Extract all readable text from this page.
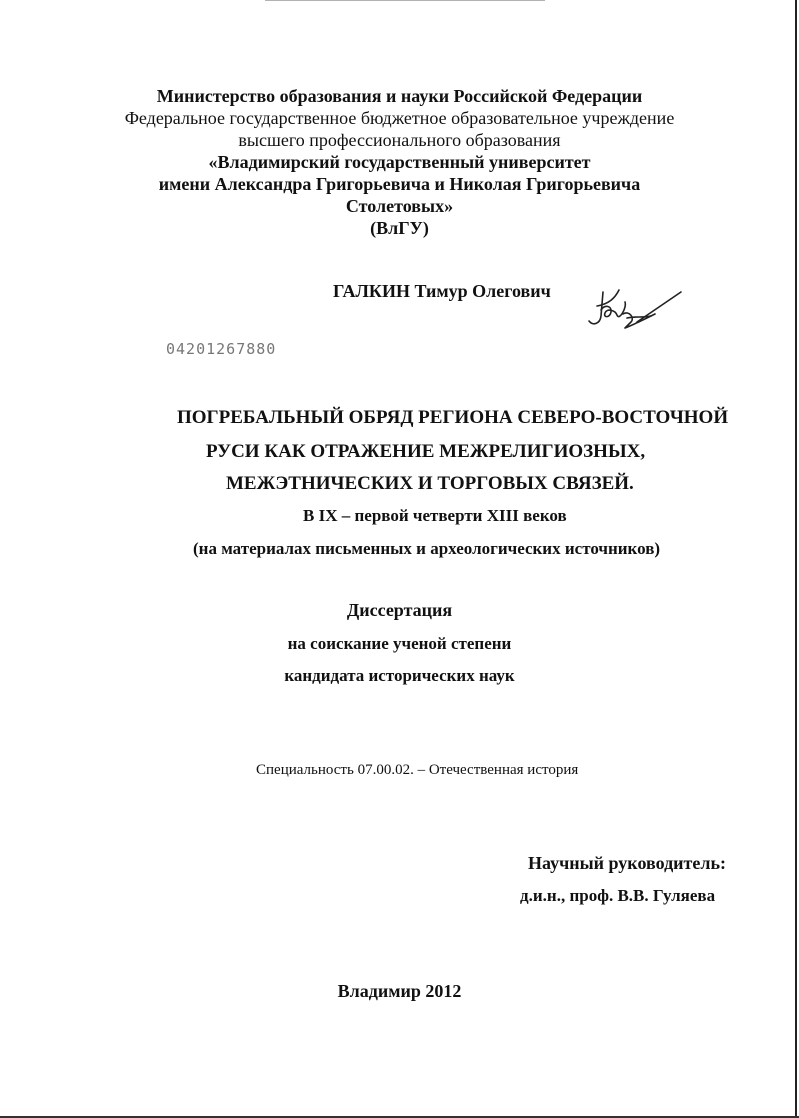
Министерство образования и науки Российской Федерации
Федеральное государственное бюджетное образовательное учреждение
высшего профессионального образования
«Владимирский государственный университет
имени Александра Григорьевича и Николая Григорьевича
Столетовых»
(ВлГУ)
ГАЛКИН Тимур Олегович
04201267880
ПОГРЕБАЛЬНЫЙ ОБРЯД РЕГИОНА СЕВЕРО-ВОСТОЧНОЙ
РУСИ КАК ОТРАЖЕНИЕ МЕЖРЕЛИГИОЗНЫХ,
МЕЖЭТНИЧЕСКИХ И ТОРГОВЫХ СВЯЗЕЙ.
В IX – первой четверти XIII веков
(на материалах письменных и археологических источников)
Диссертация
на соискание ученой степени
кандидата исторических наук
Специальность 07.00.02. – Отечественная история
Научный руководитель:
д.и.н., проф. В.В. Гуляева
Владимир 2012
